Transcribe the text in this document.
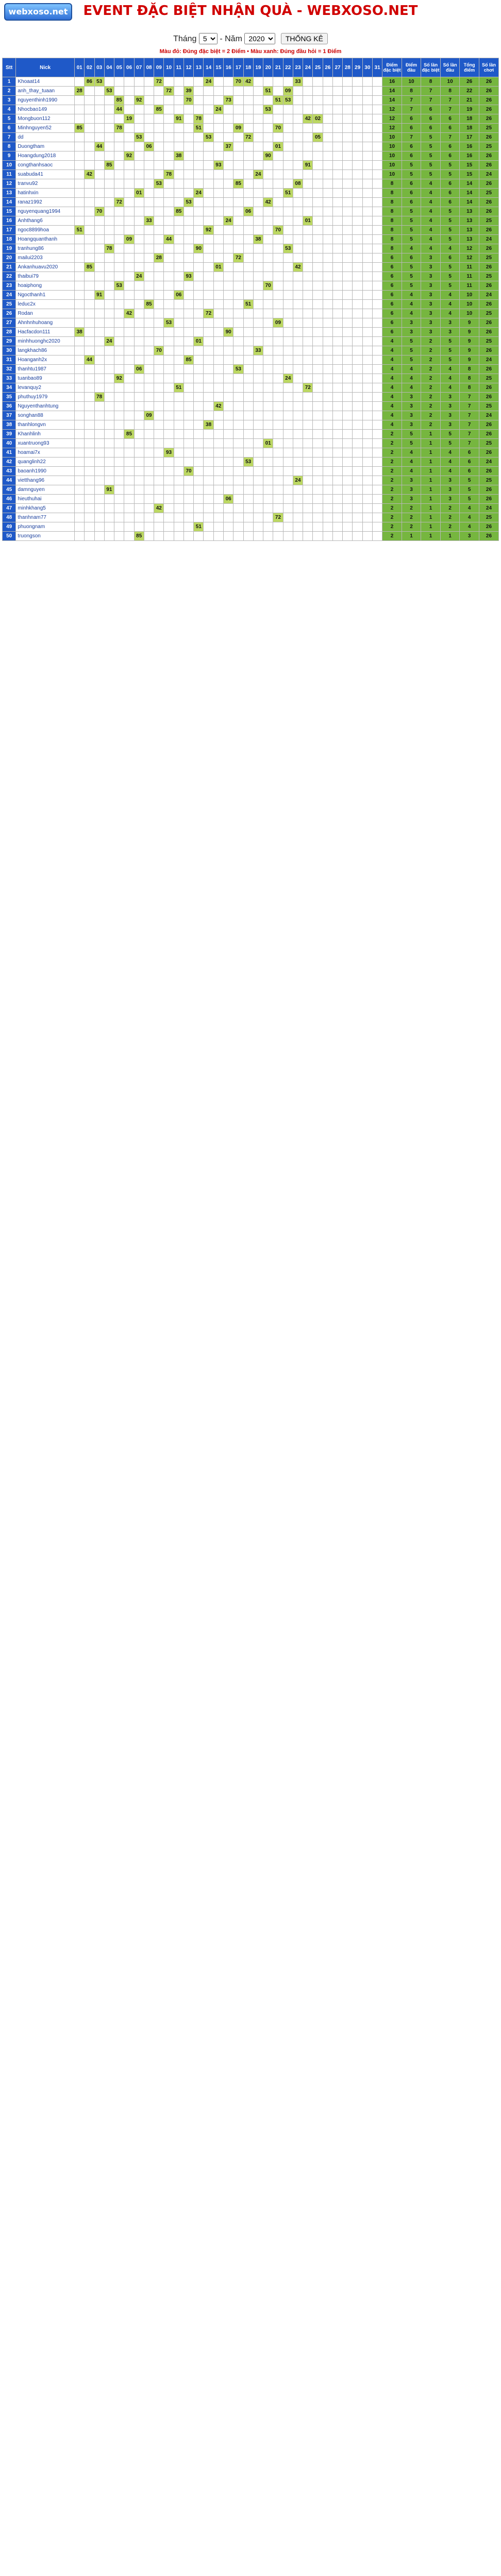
webxoso.net	EVENT ĐẶC BIỆT NHẬN QUÀ - WEBXOSO.NET
Tháng
5	- Năm
2020	THỐNG KÊ
Màu đỏ: Đúng đặc biệt = 2 Điểm • Màu xanh: Đúng đầu hỏi = 1 Điểm
Stt	Nick	01	02	03	04	05	06	07	08	09	10	11	12	13	14	15	16	17	18	19	20	21	22	23	24	25	26	27	28	29	30	31	Điểm đặc biệt	Điểm đầu	Số lần đặc biệt	Số lần đầu	Tổng điểm	Số lần chơi
1	Khoaat14		86	53						72					24			70	42					33									16	10	8	10	26	26
2	anh_thay_tuaan	28			53						72		39								51		09										14	8	7	8	22	26
3	nguyenthinh1990					85		92					70				73					51	53										14	7	7	7	21	26
4	Nhocbao149					44				85						24					53												12	7	6	7	19	26
5	Mongbuon112						19					91		78											42	02							12	6	6	6	18	26
6	Minhnguyen52	85				78								51				09				70											12	6	6	6	18	25
7	dd							53							53				72							05							10	7	5	7	17	26
8	Duongtham			44					06								37					01											10	6	5	6	16	25
9	Hoangdung2018						92					38									90												10	6	5	6	16	26
10	congthanhsaoc				85											93									91								10	5	5	5	15	26
11	suabuda41		42								78									24													10	5	5	5	15	24
12	tranvu92									53								85						08									8	6	4	6	14	26
13	hatinhxin							01						24									51										8	6	4	6	14	25
14	ranaz1992					72							53								42												8	6	4	6	14	26
15	nguyenquang1994			70								85							06														8	5	4	5	13	26
16	Anhthang6								33								24								01								8	5	4	5	13	25
17	ngoc8899hoa	51													92							70											8	5	4	5	13	26
18	Hoangquanthanh						09				44									38													8	5	4	5	13	24
19	tranhung86				78									90									53										8	4	4	4	12	26
20	mailui2203									28								72															6	6	3	6	12	25
21	Ankanhuavu2020		85													01								42									6	5	3	5	11	26
22	thaibui79							24					93																				6	5	3	5	11	25
23	hoaiphong					53															70												6	5	3	5	11	26
24	Ngocthanh1			91								06																					6	4	3	4	10	24
25	leduc2x								85										51														6	4	3	4	10	26
26	Rodan						42								72																		6	4	3	4	10	25
27	Ahnhnhuhoang										53											09											6	3	3	3	9	26
28	Hacfacdon111	38															90																6	3	3	3	9	26
29	minhhuonghc2020				24									01																			4	5	2	5	9	25
30	langkhach86									70										33													4	5	2	5	9	26
31	Hoanganh2x		44										85																				4	5	2	5	9	24
32	thanhtu1987							06										53															4	4	2	4	8	26
33	tuanbao89					92																	24										4	4	2	4	8	25
34	levanquy2											51													72								4	4	2	4	8	26
35	phuthuy1979			78																													4	3	2	3	7	26
36	Nguyenthanhtung															42																	4	3	2	3	7	25
37	songhan88								09																								4	3	2	3	7	24
38	thanhlongvn														38																		4	3	2	3	7	26
39	Khanhlinh						85																										2	5	1	5	7	26
40	xuantruong93																				01												2	5	1	5	7	25
41	hoamai7x										93																						2	4	1	4	6	26
42	quanglinh22																		53														2	4	1	4	6	24
43	baoanh1990												70																				2	4	1	4	6	26
44	vietthang96																							24									2	3	1	3	5	25
45	damnguyen				91																												2	3	1	3	5	26
46	hieuthuhai																06																2	3	1	3	5	26
47	minhkhang5									42																							2	2	1	2	4	24
48	thanhnam77																					72											2	2	1	2	4	25
49	phuongnam													51																			2	2	1	2	4	26
50	truongson							85																									2	1	1	1	3	26
